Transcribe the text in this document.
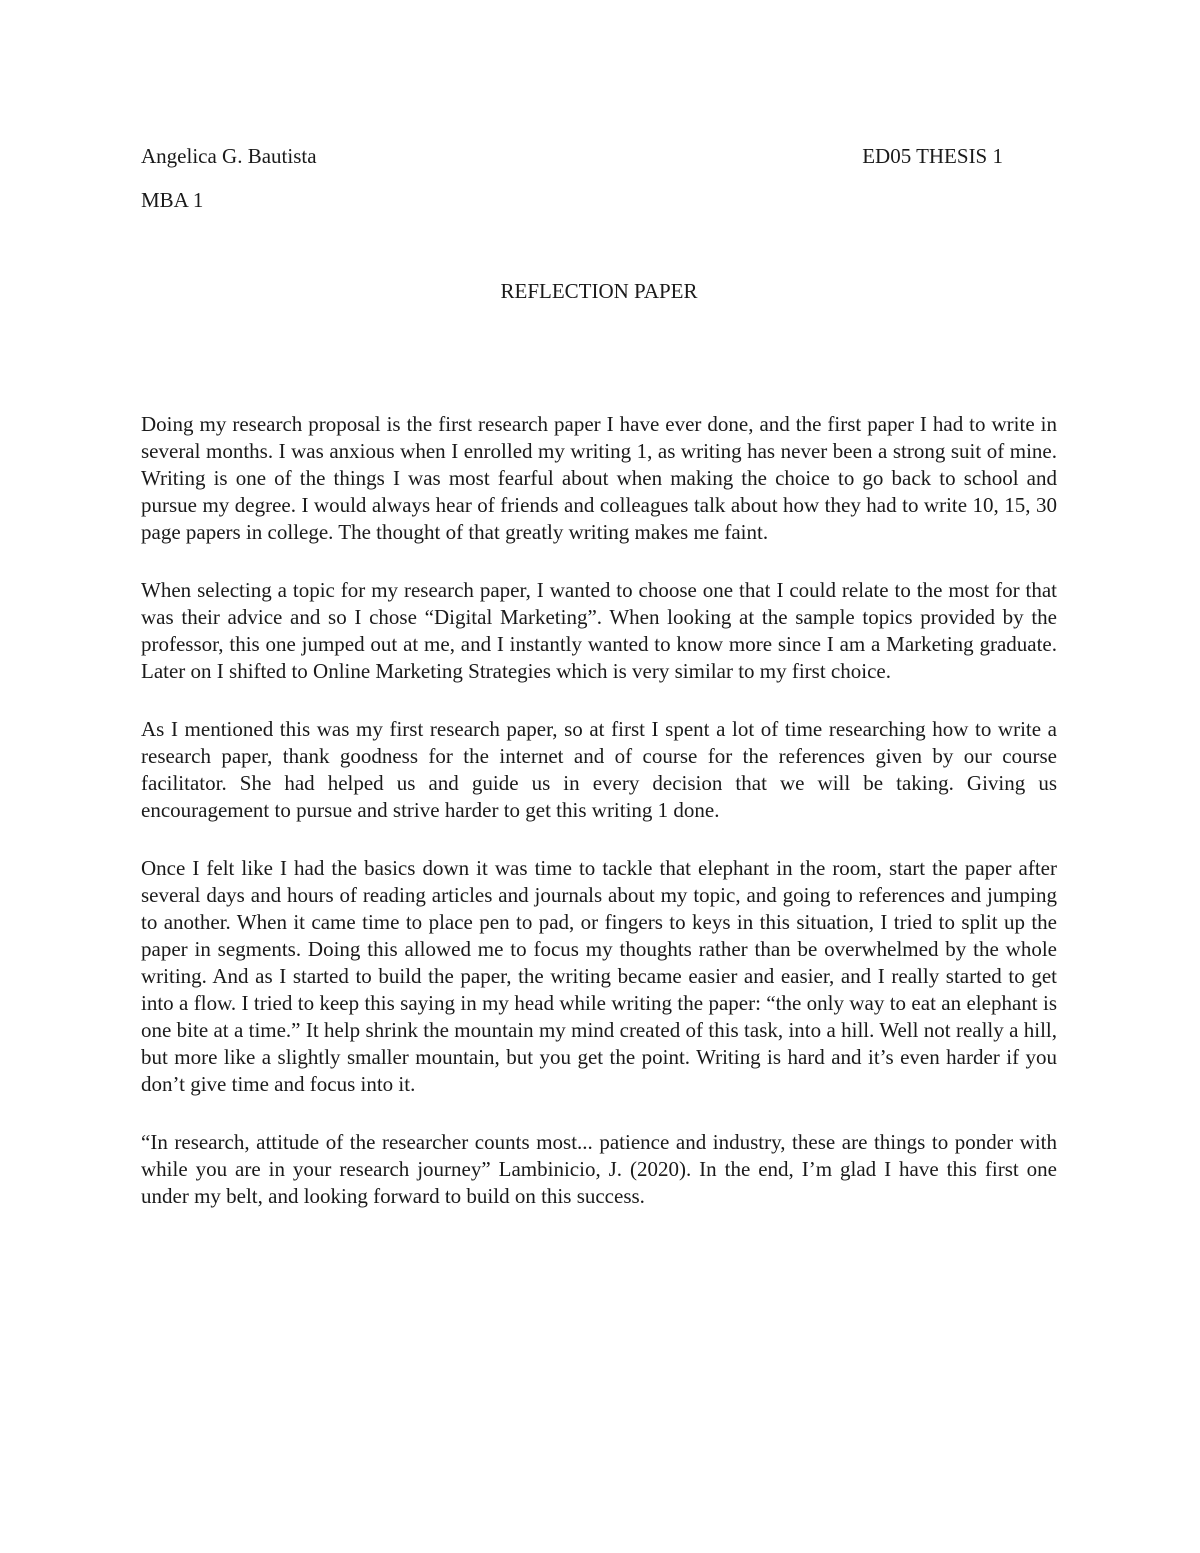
Angelica G. Bautista	ED05 THESIS 1
MBA 1
REFLECTION PAPER

Doing my research proposal is the first research paper I have ever done, and the first paper I had to write in several months. I was anxious when I enrolled my writing 1, as writing has never been a strong suit of mine. Writing is one of the things I was most fearful about when making the choice to go back to school and pursue my degree. I would always hear of friends and colleagues talk about how they had to write 10, 15, 30 page papers in college. The thought of that greatly writing makes me faint.

When selecting a topic for my research paper, I wanted to choose one that I could relate to the most for that was their advice and so I chose “Digital Marketing”. When looking at the sample topics provided by the professor, this one jumped out at me, and I instantly wanted to know more since I am a Marketing graduate. Later on I shifted to Online Marketing Strategies which is very similar to my first choice.

As I mentioned this was my first research paper, so at first I spent a lot of time researching how to write a research paper, thank goodness for the internet and of course for the references given by our course facilitator. She had helped us and guide us in every decision that we will be taking. Giving us encouragement to pursue and strive harder to get this writing 1 done.

Once I felt like I had the basics down it was time to tackle that elephant in the room, start the paper after several days and hours of reading articles and journals about my topic, and going to references and jumping to another. When it came time to place pen to pad, or fingers to keys in this situation, I tried to split up the paper in segments. Doing this allowed me to focus my thoughts rather than be overwhelmed by the whole writing. And as I started to build the paper, the writing became easier and easier, and I really started to get into a flow. I tried to keep this saying in my head while writing the paper: “the only way to eat an elephant is one bite at a time.” It help shrink the mountain my mind created of this task, into a hill. Well not really a hill, but more like a slightly smaller mountain, but you get the point. Writing is hard and it’s even harder if you don’t give time and focus into it.

“In research, attitude of the researcher counts most... patience and industry, these are things to ponder with while you are in your research journey” Lambinicio, J. (2020). In the end, I’m glad I have this first one under my belt, and looking forward to build on this success.
